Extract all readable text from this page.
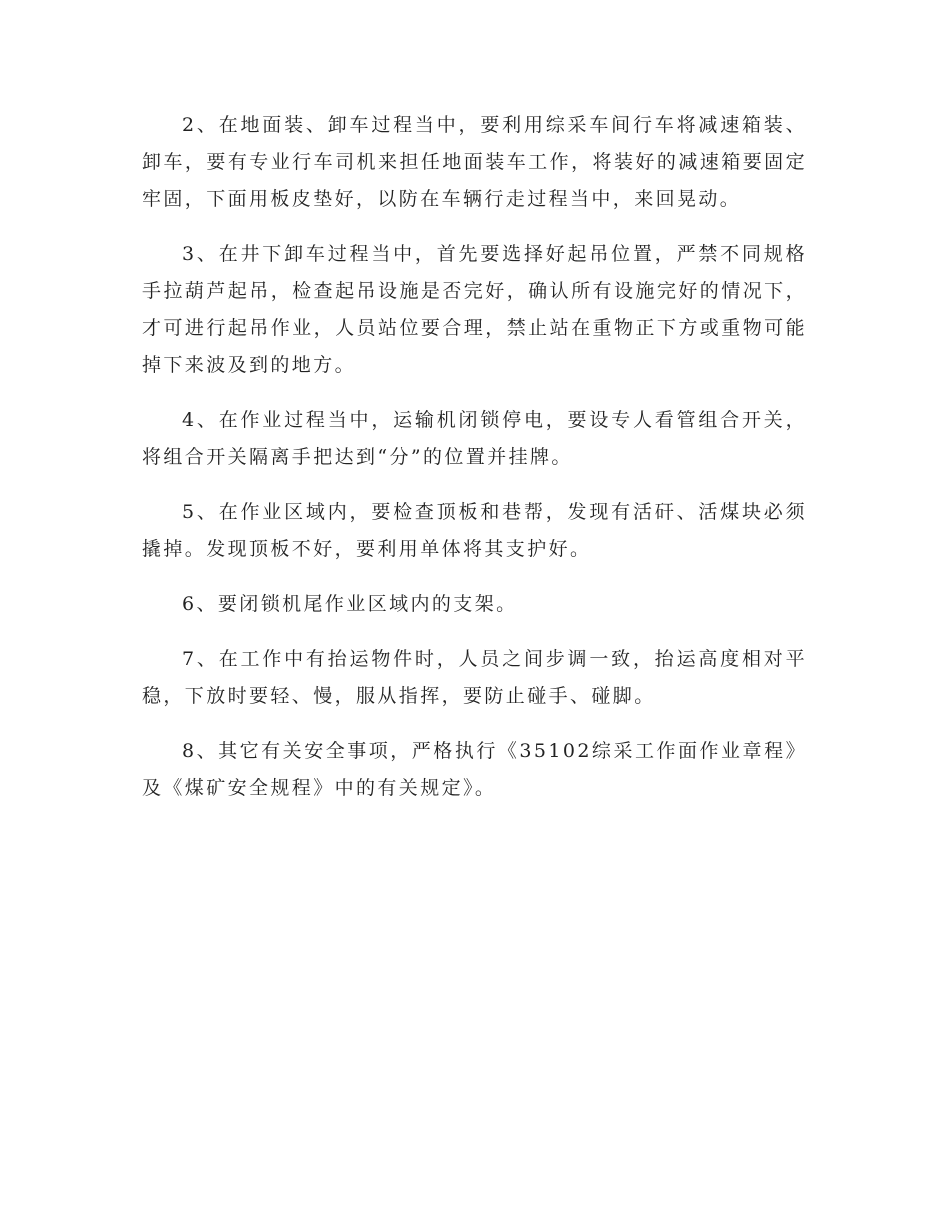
2、在地面装、卸车过程当中，要利用综采车间行车将减速箱装、卸车，要有专业行车司机来担任地面装车工作，将装好的减速箱要固定牢固，下面用板皮垫好，以防在车辆行走过程当中，来回晃动。

3、在井下卸车过程当中，首先要选择好起吊位置，严禁不同规格手拉葫芦起吊，检查起吊设施是否完好，确认所有设施完好的情况下，才可进行起吊作业，人员站位要合理，禁止站在重物正下方或重物可能掉下来波及到的地方。

4、在作业过程当中，运输机闭锁停电，要设专人看管组合开关，将组合开关隔离手把达到“分”的位置并挂牌。

5、在作业区域内，要检查顶板和巷帮，发现有活矸、活煤块必须撬掉。发现顶板不好，要利用单体将其支护好。

6、要闭锁机尾作业区域内的支架。

7、在工作中有抬运物件时，人员之间步调一致，抬运高度相对平稳，下放时要轻、慢，服从指挥，要防止碰手、碰脚。

8、其它有关安全事项，严格执行《35102综采工作面作业章程》及《煤矿安全规程》中的有关规定》。
